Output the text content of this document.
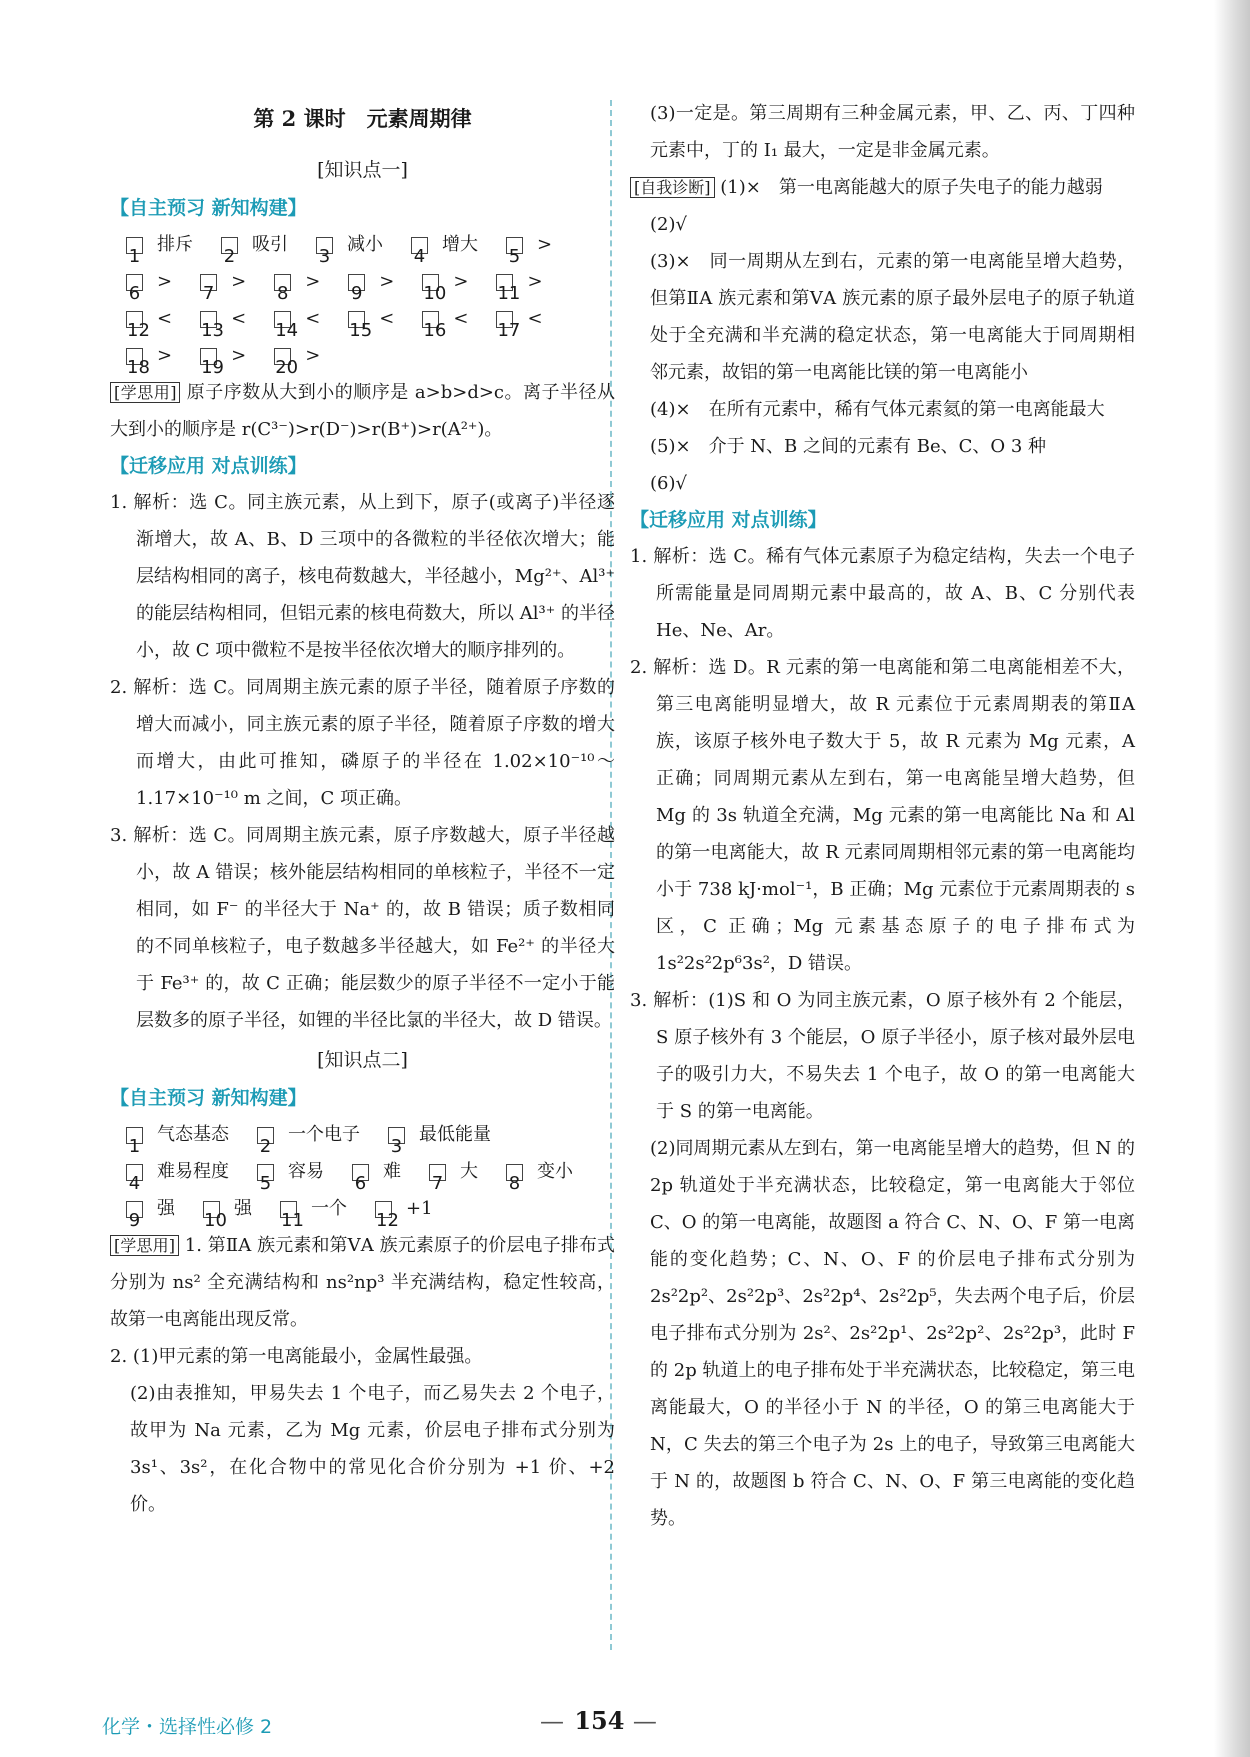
第 2 课时　元素周期律
[知识点一]
【自主预习 新知构建】
1排斥2吸引3减小4增大5>6>7>8>9>10>11>12<13<14<15<16<17<18>19>20>

[学思用] 原子序数从大到小的顺序是 a>b>d>c。离子半径从大到小的顺序是 r(C³⁻)>r(D⁻)>r(B⁺)>r(A²⁺)。

【迁移应用 对点训练】

1. 解析：选 C。同主族元素，从上到下，原子(或离子)半径逐渐增大，故 A、B、D 三项中的各微粒的半径依次增大；能层结构相同的离子，核电荷数越大，半径越小，Mg²⁺、Al³⁺ 的能层结构相同，但铝元素的核电荷数大，所以 Al³⁺ 的半径小，故 C 项中微粒不是按半径依次增大的顺序排列的。

2. 解析：选 C。同周期主族元素的原子半径，随着原子序数的增大而减小，同主族元素的原子半径，随着原子序数的增大而增大，由此可推知，磷原子的半径在 1.02×10⁻¹⁰～1.17×10⁻¹⁰ m 之间，C 项正确。

3. 解析：选 C。同周期主族元素，原子序数越大，原子半径越小，故 A 错误；核外能层结构相同的单核粒子，半径不一定相同，如 F⁻ 的半径大于 Na⁺ 的，故 B 错误；质子数相同的不同单核粒子，电子数越多半径越大，如 Fe²⁺ 的半径大于 Fe³⁺ 的，故 C 正确；能层数少的原子半径不一定小于能层数多的原子半径，如锂的半径比氯的半径大，故 D 错误。

[知识点二]
【自主预习 新知构建】
1气态基态2一个电子3最低能量4难易程度5容易6难7大8变小9强10强11一个12+1

[学思用] 1. 第ⅡA 族元素和第ⅤA 族元素原子的价层电子排布式分别为 ns² 全充满结构和 ns²np³ 半充满结构，稳定性较高，故第一电离能出现反常。

2. (1)甲元素的第一电离能最小，金属性最强。

(2)由表推知，甲易失去 1 个电子，而乙易失去 2 个电子，故甲为 Na 元素，乙为 Mg 元素，价层电子排布式分别为 3s¹、3s²，在化合物中的常见化合价分别为 +1 价、+2 价。

(3)一定是。第三周期有三种金属元素，甲、乙、丙、丁四种元素中，丁的 I₁ 最大，一定是非金属元素。

[自我诊断] (1)×　第一电离能越大的原子失电子的能力越弱

(2)√

(3)×　同一周期从左到右，元素的第一电离能呈增大趋势，但第ⅡA 族元素和第ⅤA 族元素的原子最外层电子的原子轨道处于全充满和半充满的稳定状态，第一电离能大于同周期相邻元素，故铝的第一电离能比镁的第一电离能小

(4)×　在所有元素中，稀有气体元素氦的第一电离能最大

(5)×　介于 N、B 之间的元素有 Be、C、O 3 种

(6)√

【迁移应用 对点训练】

1. 解析：选 C。稀有气体元素原子为稳定结构，失去一个电子所需能量是同周期元素中最高的，故 A、B、C 分别代表 He、Ne、Ar。

2. 解析：选 D。R 元素的第一电离能和第二电离能相差不大，第三电离能明显增大，故 R 元素位于元素周期表的第ⅡA 族，该原子核外电子数大于 5，故 R 元素为 Mg 元素，A 正确；同周期元素从左到右，第一电离能呈增大趋势，但 Mg 的 3s 轨道全充满，Mg 元素的第一电离能比 Na 和 Al 的第一电离能大，故 R 元素同周期相邻元素的第一电离能均小于 738 kJ·mol⁻¹，B 正确；Mg 元素位于元素周期表的 s 区，C 正确；Mg 元素基态原子的电子排布式为 1s²2s²2p⁶3s²，D 错误。

3. 解析：(1)S 和 O 为同主族元素，O 原子核外有 2 个能层，S 原子核外有 3 个能层，O 原子半径小，原子核对最外层电子的吸引力大，不易失去 1 个电子，故 O 的第一电离能大于 S 的第一电离能。

(2)同周期元素从左到右，第一电离能呈增大的趋势，但 N 的 2p 轨道处于半充满状态，比较稳定，第一电离能大于邻位 C、O 的第一电离能，故题图 a 符合 C、N、O、F 第一电离能的变化趋势；C、N、O、F 的价层电子排布式分别为 2s²2p²、2s²2p³、2s²2p⁴、2s²2p⁵，失去两个电子后，价层电子排布式分别为 2s²、2s²2p¹、2s²2p²、2s²2p³，此时 F 的 2p 轨道上的电子排布处于半充满状态，比较稳定，第三电离能最大，O 的半径小于 N 的半径，O 的第三电离能大于 N，C 失去的第三个电子为 2s 上的电子，导致第三电离能大于 N 的，故题图 b 符合 C、N、O、F 第三电离能的变化趋势。

化学・选择性必修 2	— 154 —
